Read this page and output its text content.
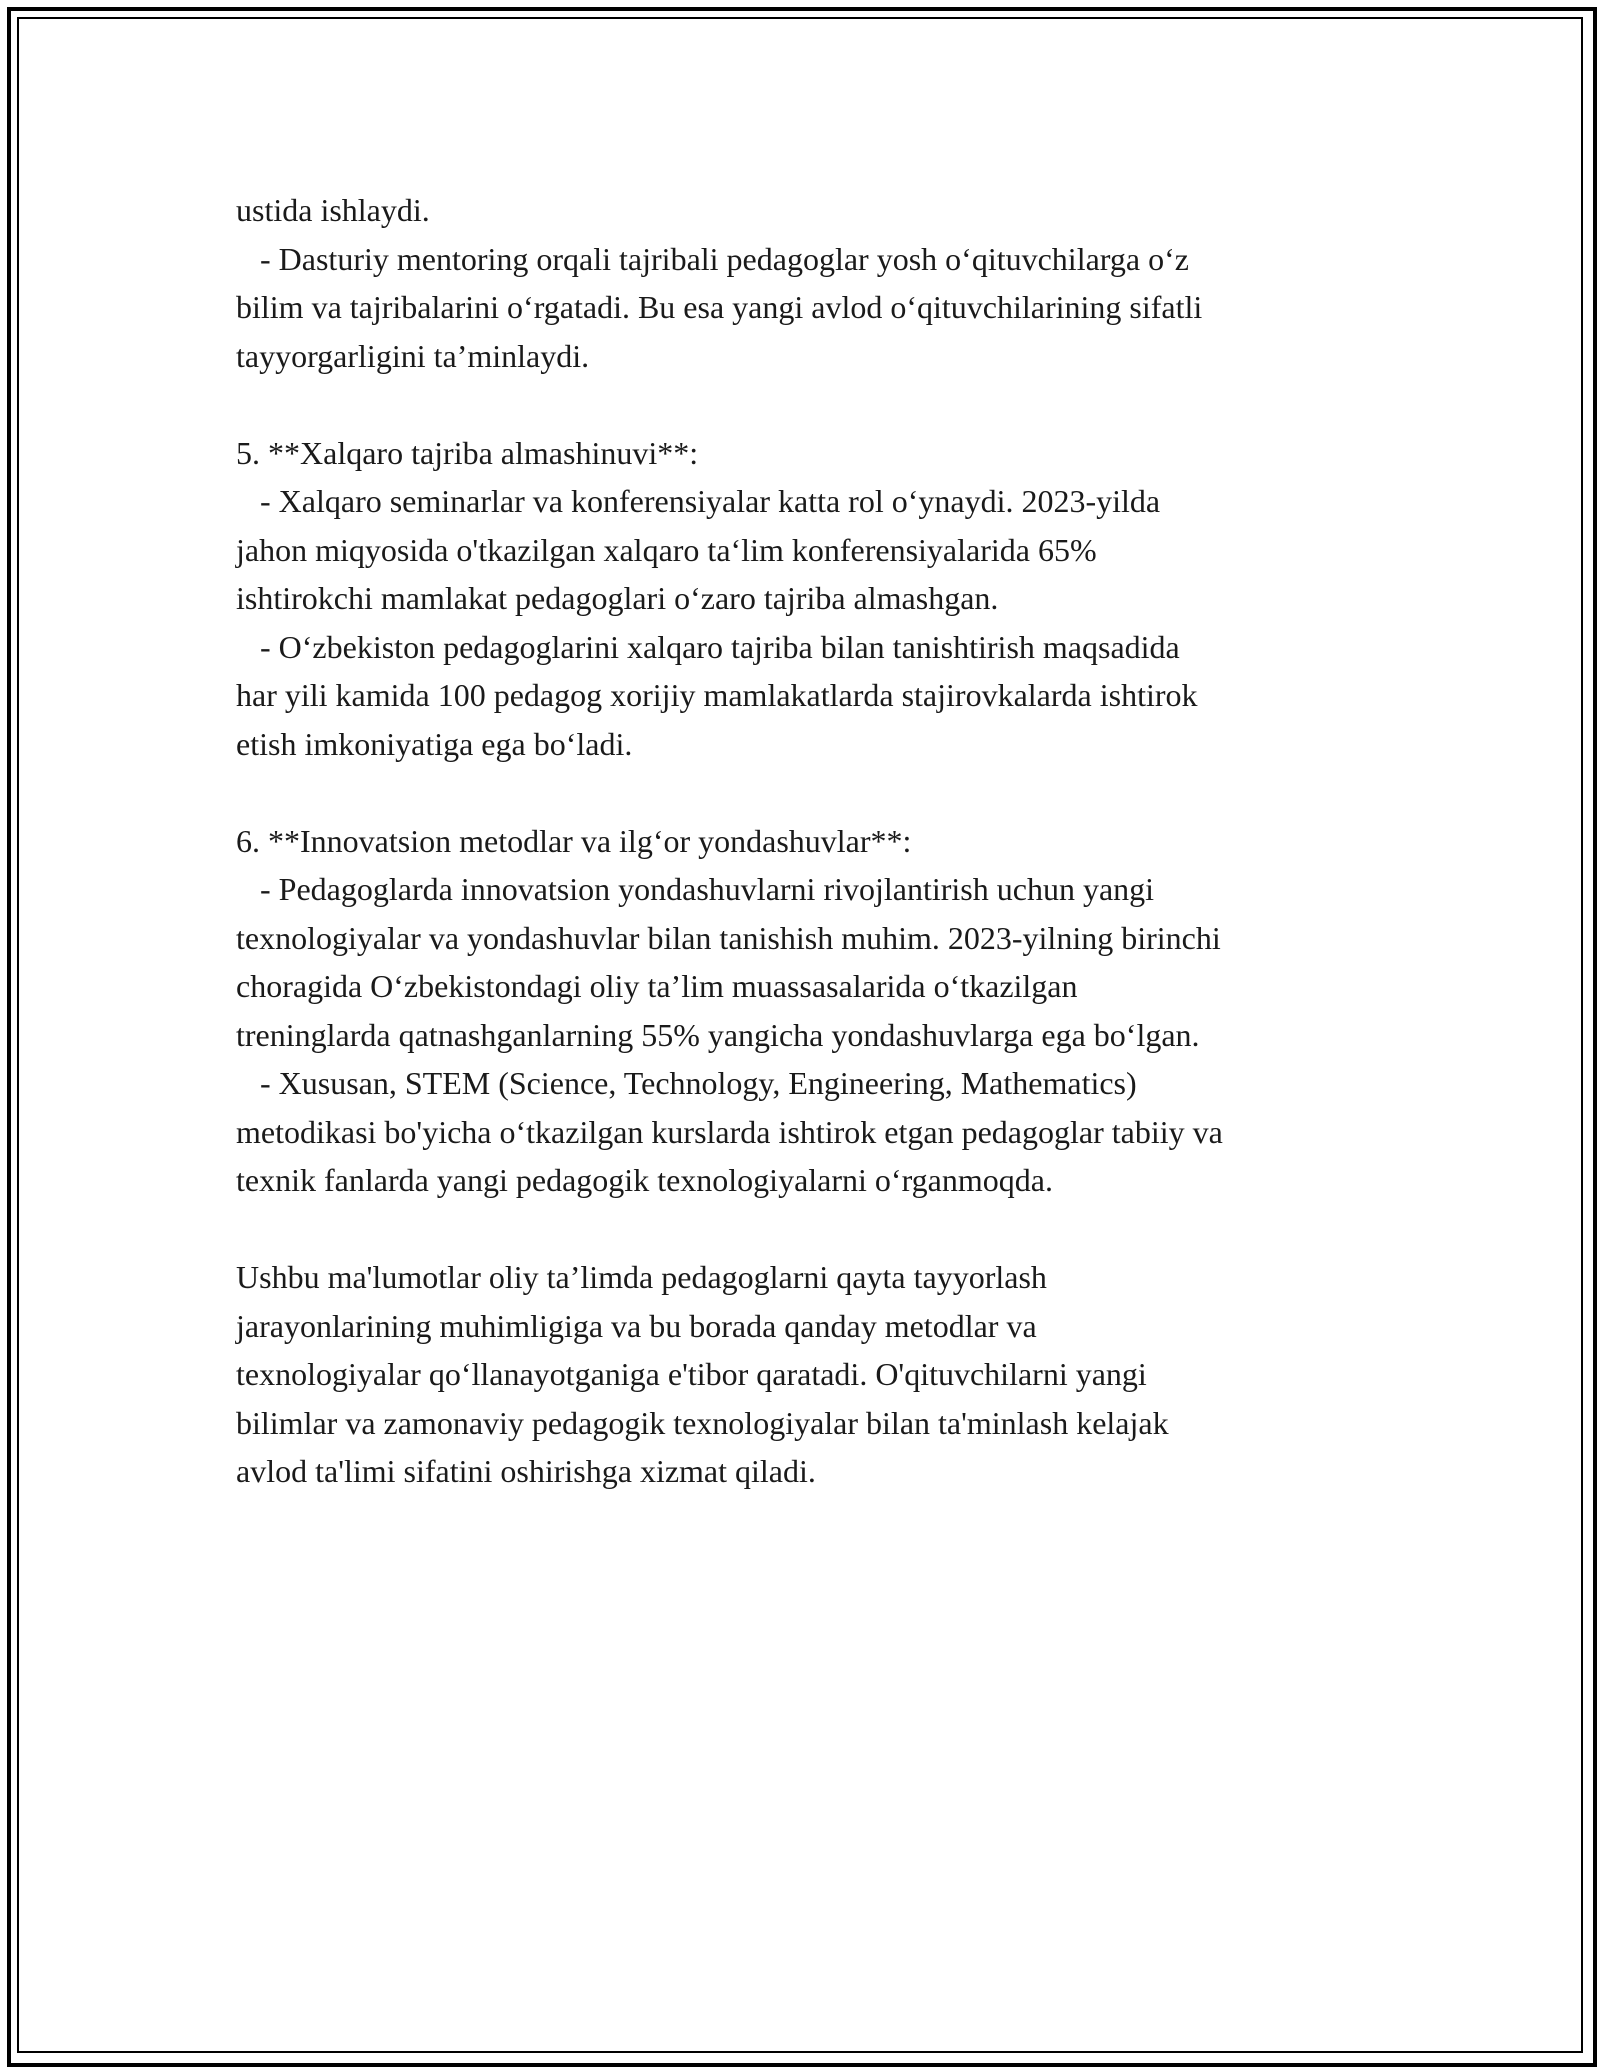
ustida ishlaydi.
- Dasturiy mentoring orqali tajribali pedagoglar yosh o‘qituvchilarga o‘z
bilim va tajribalarini o‘rgatadi. Bu esa yangi avlod o‘qituvchilarining sifatli
tayyorgarligini ta’minlaydi.
5. **Xalqaro tajriba almashinuvi**:
- Xalqaro seminarlar va konferensiyalar katta rol o‘ynaydi. 2023-yilda
jahon miqyosida o'tkazilgan xalqaro ta‘lim konferensiyalarida 65%
ishtirokchi mamlakat pedagoglari o‘zaro tajriba almashgan.
- O‘zbekiston pedagoglarini xalqaro tajriba bilan tanishtirish maqsadida
har yili kamida 100 pedagog xorijiy mamlakatlarda stajirovkalarda ishtirok
etish imkoniyatiga ega bo‘ladi.
6. **Innovatsion metodlar va ilg‘or yondashuvlar**:
- Pedagoglarda innovatsion yondashuvlarni rivojlantirish uchun yangi
texnologiyalar va yondashuvlar bilan tanishish muhim. 2023-yilning birinchi
choragida O‘zbekistondagi oliy ta’lim muassasalarida o‘tkazilgan
treninglarda qatnashganlarning 55% yangicha yondashuvlarga ega bo‘lgan.
- Xususan, STEM (Science, Technology, Engineering, Mathematics)
metodikasi bo'yicha o‘tkazilgan kurslarda ishtirok etgan pedagoglar tabiiy va
texnik fanlarda yangi pedagogik texnologiyalarni o‘rganmoqda.
Ushbu ma'lumotlar oliy ta’limda pedagoglarni qayta tayyorlash
jarayonlarining muhimligiga va bu borada qanday metodlar va
texnologiyalar qo‘llanayotganiga e'tibor qaratadi. O'qituvchilarni yangi
bilimlar va zamonaviy pedagogik texnologiyalar bilan ta'minlash kelajak
avlod ta'limi sifatini oshirishga xizmat qiladi.
